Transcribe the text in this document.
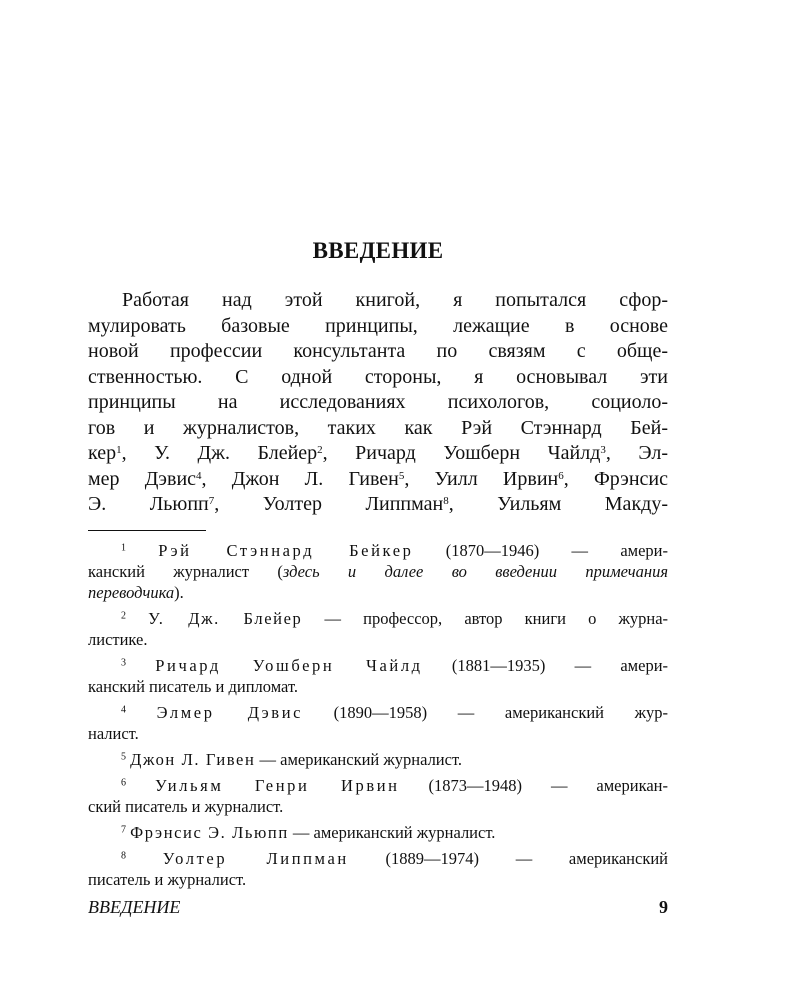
ВВЕДЕНИЕ
Работая над этой книгой, я попытался сфор-
мулировать базовые принципы, лежащие в основе
новой профессии консультанта по связям с обще-
ственностью. С одной стороны, я основывал эти
принципы на исследованиях психологов, социоло-
гов и журналистов, таких как Рэй Стэннард Бей-
кер$^1$, У. Дж. Блейер$^2$, Ричард Уошберн Чайлд$^3$, Эл-
мер Дэвис$^4$, Джон Л. Гивен$^5$, Уилл Ирвин$^6$, Фрэнсис
Э. Льюпп$^7$, Уолтер Липпман$^8$, Уильям Макду-
$^1$ Рэй Стэннард Бейкер (1870—1946) — амери-
канский журналист (здесь и далее во введении примечания
переводчика).
$^2$ У. Дж. Блейер — профессор, автор книги о журна-
листике.
$^3$ Ричард Уошберн Чайлд (1881—1935) — амери-
канский писатель и дипломат.
$^4$ Элмер Дэвис (1890—1958) — американский жур-
налист.
$^5$ Джон Л. Гивен — американский журналист.
$^6$ Уильям Генри Ирвин (1873—1948) — американ-
ский писатель и журналист.
$^7$ Фрэнсис Э. Льюпп — американский журналист.
$^8$ Уолтер Липпман (1889—1974) — американский
писатель и журналист.
ВВЕДЕНИЕ	9
